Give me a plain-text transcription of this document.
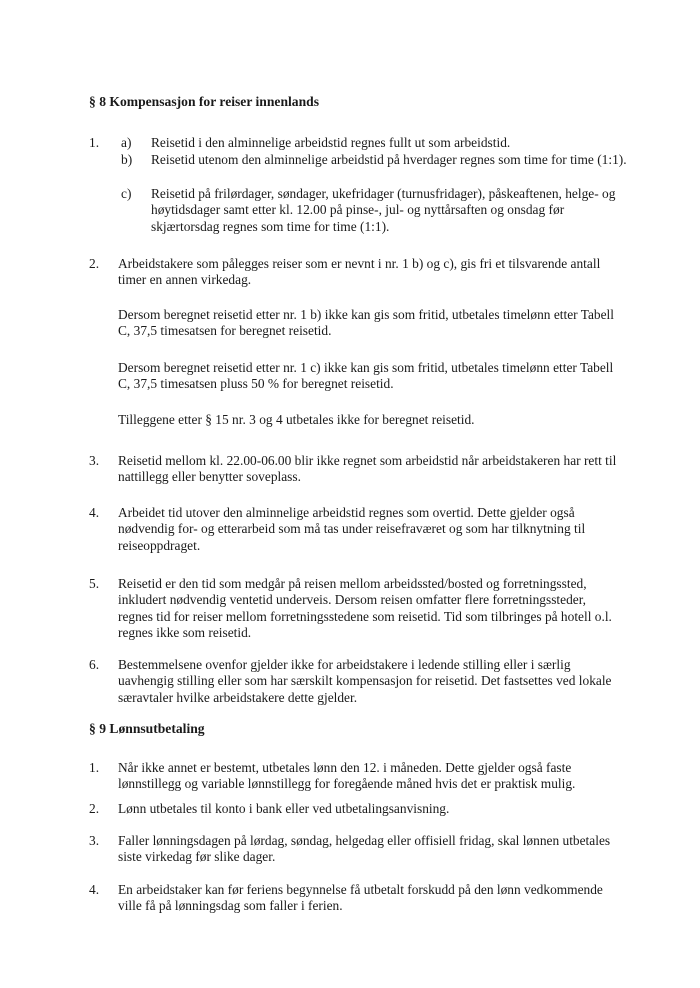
§ 8 Kompensasjon for reiser innenlands
1.	a)	Reisetid i den alminnelige arbeidstid regnes fullt ut som arbeidstid.

b)	Reisetid utenom den alminnelige arbeidstid på hverdager regnes som time for time (1:1).

c)	Reisetid på frilørdager, søndager, ukefridager (turnusfridager), påskeaftenen, helge- og høytidsdager samt etter kl. 12.00 på pinse-, jul- og nyttårsaften og onsdag før skjærtorsdag regnes som time for time (1:1).

2.	Arbeidstakere som pålegges reiser som er nevnt i nr. 1 b) og c), gis fri et tilsvarende antall timer en annen virkedag.

Dersom beregnet reisetid etter nr. 1 b) ikke kan gis som fritid, utbetales timelønn etter Tabell C, 37,5 timesatsen for beregnet reisetid.

Dersom beregnet reisetid etter nr. 1 c) ikke kan gis som fritid, utbetales timelønn etter Tabell C, 37,5 timesatsen pluss 50 % for beregnet reisetid.

Tilleggene etter § 15 nr. 3 og 4 utbetales ikke for beregnet reisetid.

3.	Reisetid mellom kl. 22.00-06.00 blir ikke regnet som arbeidstid når arbeidstakeren har rett til nattillegg eller benytter soveplass.

4.	Arbeidet tid utover den alminnelige arbeidstid regnes som overtid. Dette gjelder også nødvendig for- og etterarbeid som må tas under reisefraværet og som har tilknytning til reiseoppdraget.

5.	Reisetid er den tid som medgår på reisen mellom arbeidssted/bosted og forretningssted, inkludert nødvendig ventetid underveis. Dersom reisen omfatter flere forretningssteder, regnes tid for reiser mellom forretningsstedene som reisetid. Tid som tilbringes på hotell o.l. regnes ikke som reisetid.

6.	Bestemmelsene ovenfor gjelder ikke for arbeidstakere i ledende stilling eller i særlig uavhengig stilling eller som har særskilt kompensasjon for reisetid. Det fastsettes ved lokale særavtaler hvilke arbeidstakere dette gjelder.

§ 9 Lønnsutbetaling
1.	Når ikke annet er bestemt, utbetales lønn den 12. i måneden. Dette gjelder også faste lønnstillegg og variable lønnstillegg for foregående måned hvis det er praktisk mulig.

2.	Lønn utbetales til konto i bank eller ved utbetalingsanvisning.

3.	Faller lønningsdagen på lørdag, søndag, helgedag eller offisiell fridag, skal lønnen utbetales siste virkedag før slike dager.

4.	En arbeidstaker kan før feriens begynnelse få utbetalt forskudd på den lønn vedkommende ville få på lønningsdag som faller i ferien.
